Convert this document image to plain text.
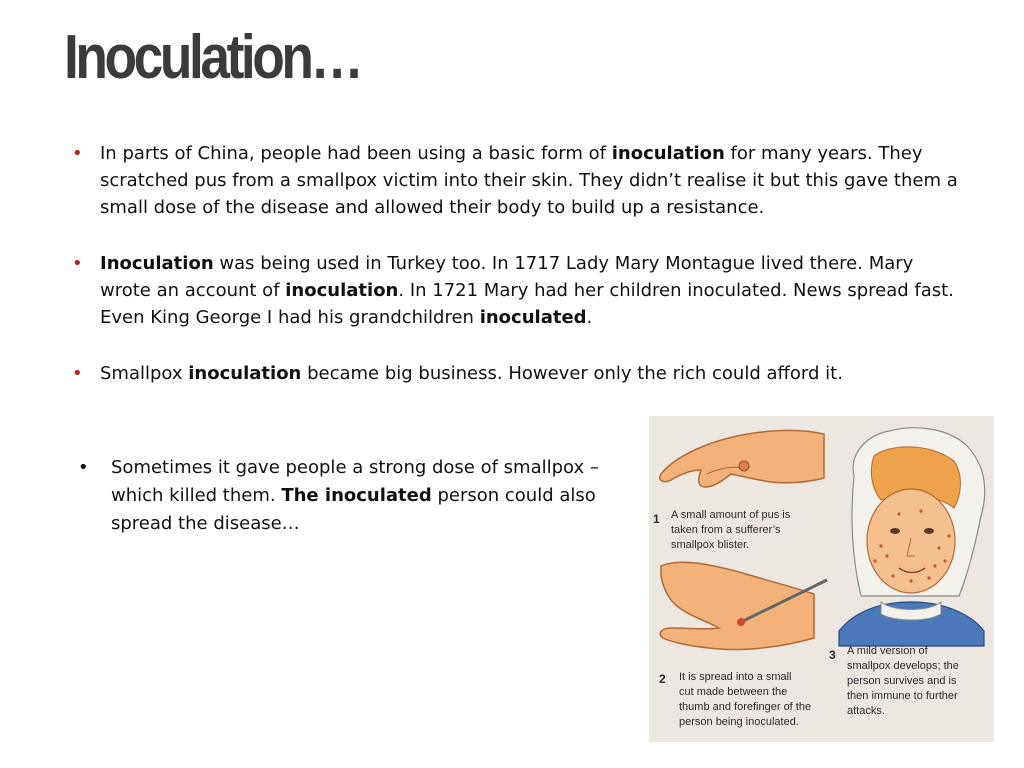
Inoculation…
• In parts of China, people had been using a basic form of inoculation for many years. They scratched pus from a smallpox victim into their skin. They didn’t realise it but this gave them a small dose of the disease and allowed their body to build up a resistance.
• Inoculation was being used in Turkey too. In 1717 Lady Mary Montague lived there. Mary wrote an account of inoculation. In 1721 Mary had her children inoculated. News spread fast. Even King George I had his grandchildren inoculated.
• Smallpox inoculation became big business. However only the rich could afford it.
• Sometimes it gave people a strong dose of smallpox – which killed them. The inoculated person could also spread the disease…	1 A small amount of pus is
taken from a sufferer’s
smallpox blister.
2 It is spread into a small
cut made between the
thumb and forefinger of the
person being inoculated.
3 A mild version of
smallpox develops; the
person survives and is
then immune to further
attacks.
